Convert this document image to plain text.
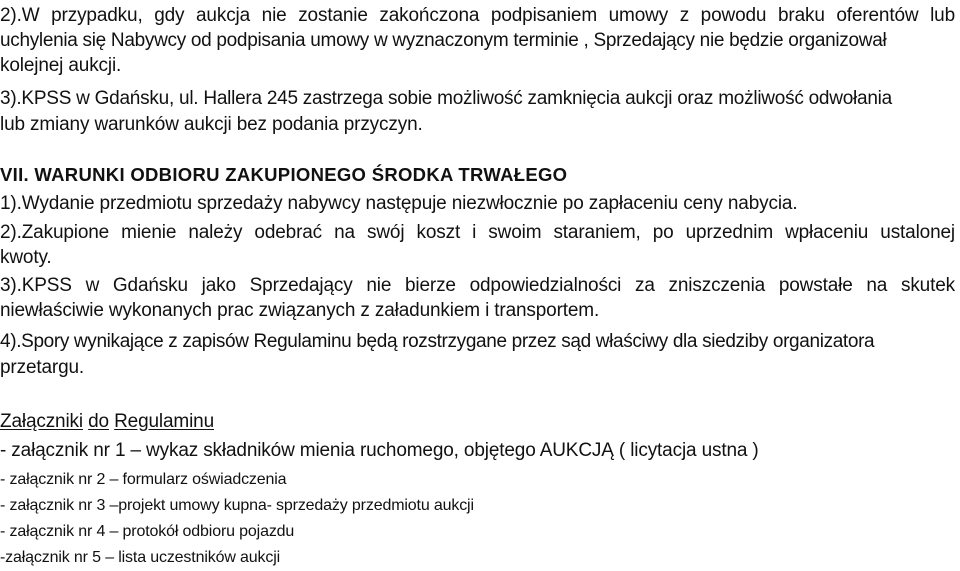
2).W przypadku, gdy aukcja nie zostanie zakończona podpisaniem umowy z powodu braku oferentów lub
uchylenia się Nabywcy od podpisania umowy w wyznaczonym terminie , Sprzedający nie będzie organizował
kolejnej aukcji.
3).KPSS w Gdańsku, ul. Hallera 245 zastrzega sobie możliwość zamknięcia aukcji oraz możliwość odwołania
lub zmiany warunków aukcji bez podania przyczyn.
VII. WARUNKI ODBIORU ZAKUPIONEGO ŚRODKA TRWAŁEGO
1).Wydanie przedmiotu sprzedaży nabywcy następuje niezwłocznie po zapłaceniu ceny nabycia.
2).Zakupione mienie należy odebrać na swój koszt i swoim staraniem, po uprzednim wpłaceniu ustalonej
kwoty.
3).KPSS w Gdańsku jako Sprzedający nie bierze odpowiedzialności za zniszczenia powstałe na skutek
niewłaściwie wykonanych prac związanych z załadunkiem i transportem.
4).Spory wynikające z zapisów Regulaminu będą rozstrzygane przez sąd właściwy dla siedziby organizatora
przetargu.
Załączniki do Regulaminu
- załącznik nr 1 – wykaz składników mienia ruchomego, objętego AUKCJĄ ( licytacja ustna )
- załącznik nr 2 – formularz oświadczenia
- załącznik nr 3 –projekt umowy kupna- sprzedaży przedmiotu aukcji
- załącznik nr 4 – protokół odbioru pojazdu
-załącznik nr 5 – lista uczestników aukcji
